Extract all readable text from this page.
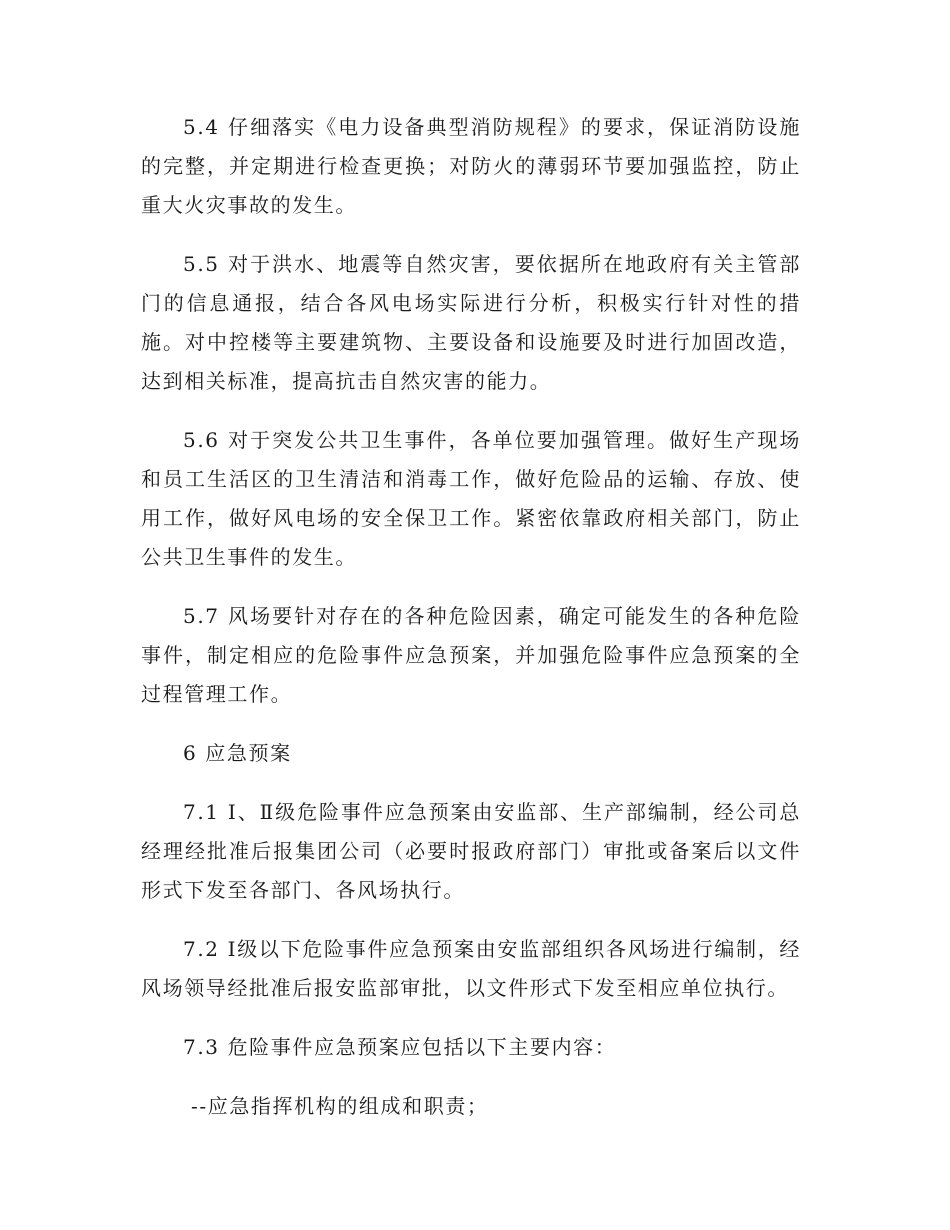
5.4 仔细落实《电力设备典型消防规程》的要求，保证消防设施的完整，并定期进行检查更换；对防火的薄弱环节要加强监控，防止重大火灾事故的发生。

5.5 对于洪水、地震等自然灾害，要依据所在地政府有关主管部门的信息通报，结合各风电场实际进行分析，积极实行针对性的措施。对中控楼等主要建筑物、主要设备和设施要及时进行加固改造，达到相关标准，提高抗击自然灾害的能力。

5.6 对于突发公共卫生事件，各单位要加强管理。做好生产现场和员工生活区的卫生清洁和消毒工作，做好危险品的运输、存放、使用工作，做好风电场的安全保卫工作。紧密依靠政府相关部门，防止公共卫生事件的发生。

5.7 风场要针对存在的各种危险因素，确定可能发生的各种危险事件，制定相应的危险事件应急预案，并加强危险事件应急预案的全过程管理工作。

6 应急预案

7.1 Ⅰ、Ⅱ级危险事件应急预案由安监部、生产部编制，经公司总经理经批准后报集团公司（必要时报政府部门）审批或备案后以文件形式下发至各部门、各风场执行。

7.2 Ⅰ级以下危险事件应急预案由安监部组织各风场进行编制，经风场领导经批准后报安监部审批，以文件形式下发至相应单位执行。

7.3 危险事件应急预案应包括以下主要内容：

--应急指挥机构的组成和职责；
